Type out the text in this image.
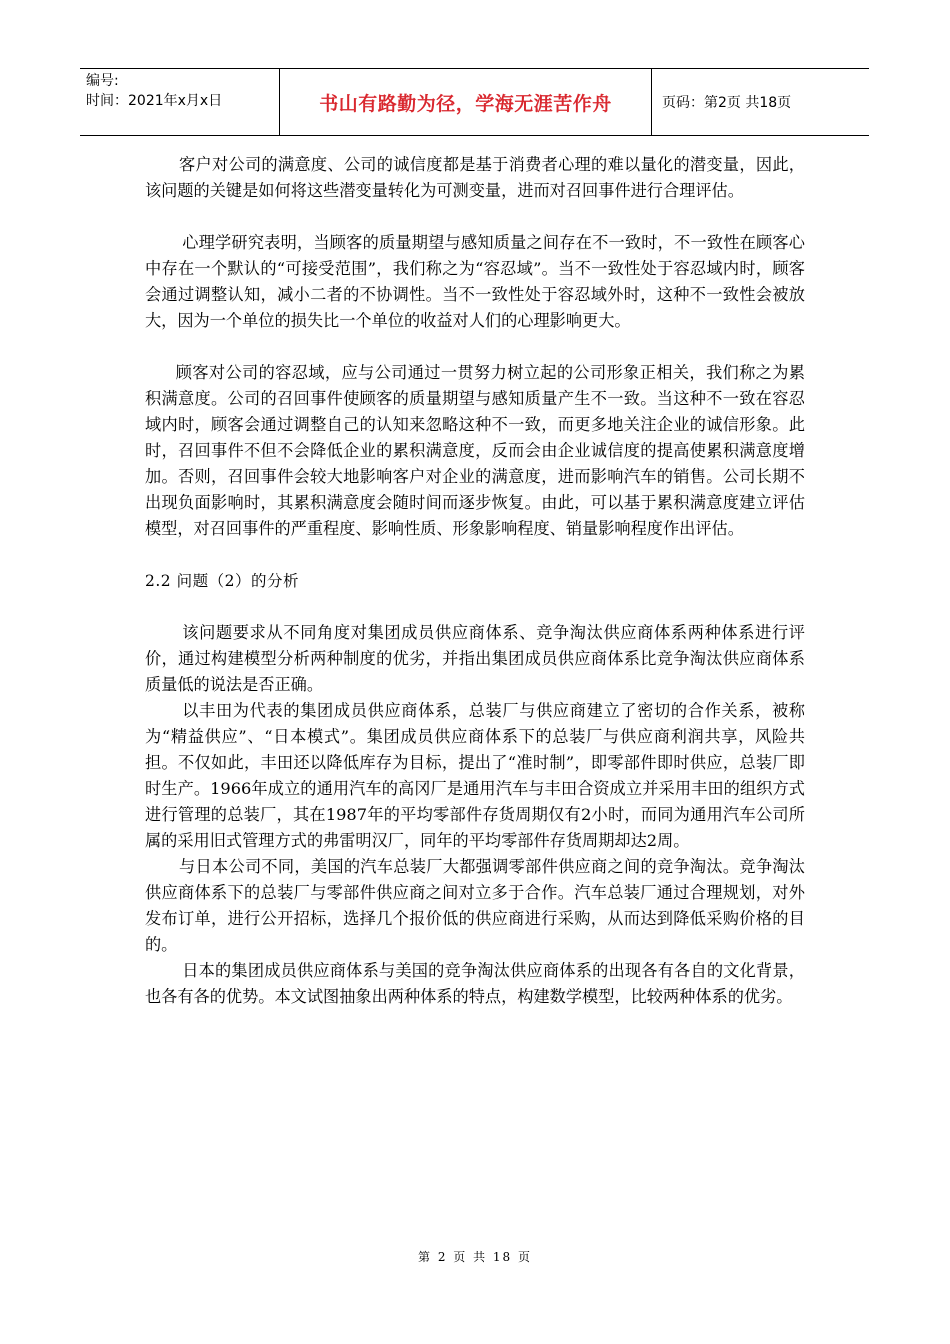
编号:
时间：2021年x月x日	书山有路勤为径，学海无涯苦作舟	页码：第2页 共18页

客户对公司的满意度、公司的诚信度都是基于消费者心理的难以量化的潜变量，因此，该问题的关键是如何将这些潜变量转化为可测变量，进而对召回事件进行合理评估。

心理学研究表明，当顾客的质量期望与感知质量之间存在不一致时，不一致性在顾客心中存在一个默认的“可接受范围”，我们称之为“容忍域”。当不一致性处于容忍域内时，顾客会通过调整认知，减小二者的不协调性。当不一致性处于容忍域外时，这种不一致性会被放大，因为一个单位的损失比一个单位的收益对人们的心理影响更大。

顾客对公司的容忍域，应与公司通过一贯努力树立起的公司形象正相关，我们称之为累积满意度。公司的召回事件使顾客的质量期望与感知质量产生不一致。当这种不一致在容忍域内时，顾客会通过调整自己的认知来忽略这种不一致，而更多地关注企业的诚信形象。此时，召回事件不但不会降低企业的累积满意度，反而会由企业诚信度的提高使累积满意度增加。否则，召回事件会较大地影响客户对企业的满意度，进而影响汽车的销售。公司长期不出现负面影响时，其累积满意度会随时间而逐步恢复。由此，可以基于累积满意度建立评估模型，对召回事件的严重程度、影响性质、形象影响程度、销量影响程度作出评估。

2.2 问题（2）的分析

该问题要求从不同角度对集团成员供应商体系、竞争淘汰供应商体系两种体系进行评价，通过构建模型分析两种制度的优劣，并指出集团成员供应商体系比竞争淘汰供应商体系质量低的说法是否正确。

以丰田为代表的集团成员供应商体系，总装厂与供应商建立了密切的合作关系，被称为“精益供应”、“日本模式”。集团成员供应商体系下的总装厂与供应商利润共享，风险共担。不仅如此，丰田还以降低库存为目标，提出了“准时制”，即零部件即时供应，总装厂即时生产。1966年成立的通用汽车的高冈厂是通用汽车与丰田合资成立并采用丰田的组织方式进行管理的总装厂，其在1987年的平均零部件存货周期仅有2小时，而同为通用汽车公司所属的采用旧式管理方式的弗雷明汉厂，同年的平均零部件存货周期却达2周。

与日本公司不同，美国的汽车总装厂大都强调零部件供应商之间的竞争淘汰。竞争淘汰供应商体系下的总装厂与零部件供应商之间对立多于合作。汽车总装厂通过合理规划，对外发布订单，进行公开招标，选择几个报价低的供应商进行采购，从而达到降低采购价格的目的。

日本的集团成员供应商体系与美国的竞争淘汰供应商体系的出现各有各自的文化背景，也各有各的优势。本文试图抽象出两种体系的特点，构建数学模型，比较两种体系的优劣。

第 2 页 共 18 页
